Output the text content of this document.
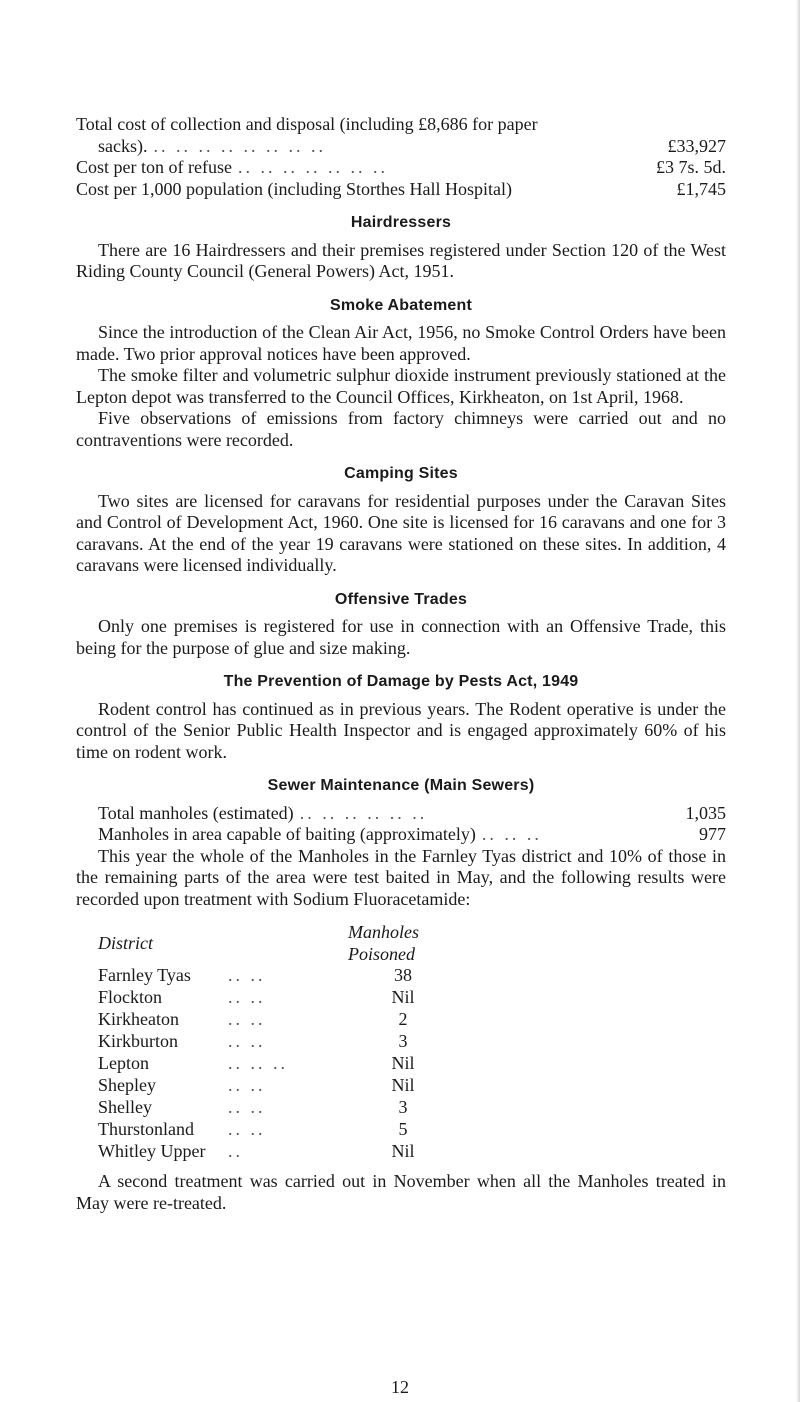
Total cost of collection and disposal (including £8,686 for paper
sacks). .. .. .. .. .. .. .. ..	£33,927
Cost per ton of refuse .. .. .. .. .. .. ..	£3 7s. 5d.
Cost per 1,000 population (including Storthes Hall Hospital)	£1,745
Hairdressers

There are 16 Hairdressers and their premises registered under Section 120 of the West Riding County Council (General Powers) Act, 1951.

Smoke Abatement

Since the introduction of the Clean Air Act, 1956, no Smoke Control Orders have been made. Two prior approval notices have been approved.

The smoke filter and volumetric sulphur dioxide instrument previously stationed at the Lepton depot was transferred to the Council Offices, Kirkheaton, on 1st April, 1968.

Five observations of emissions from factory chimneys were carried out and no contraventions were recorded.

Camping Sites

Two sites are licensed for caravans for residential purposes under the Caravan Sites and Control of Development Act, 1960. One site is licensed for 16 caravans and one for 3 caravans. At the end of the year 19 caravans were stationed on these sites. In addition, 4 caravans were licensed individually.

Offensive Trades

Only one premises is registered for use in connection with an Offensive Trade, this being for the purpose of glue and size making.

The Prevention of Damage by Pests Act, 1949

Rodent control has continued as in previous years. The Rodent operative is under the control of the Senior Public Health Inspector and is engaged approximately 60% of his time on rodent work.

Sewer Maintenance (Main Sewers)
Total manholes (estimated) .. .. .. .. .. ..	1,035
Manholes in area capable of baiting (approximately) .. .. ..	977

This year the whole of the Manholes in the Farnley Tyas district and 10% of those in the remaining parts of the area were test baited in May, and the following results were recorded upon treatment with Sodium Fluoracetamide:

District		Manholes Poisoned
Farnley Tyas	.. ..	38
Flockton	.. ..	Nil
Kirkheaton	.. ..	2
Kirkburton	.. ..	3
Lepton	.. .. ..	Nil
Shepley	.. ..	Nil
Shelley	.. ..	3
Thurstonland	.. ..	5
Whitley Upper	..	Nil

A second treatment was carried out in November when all the Manholes treated in May were re-treated.

12
